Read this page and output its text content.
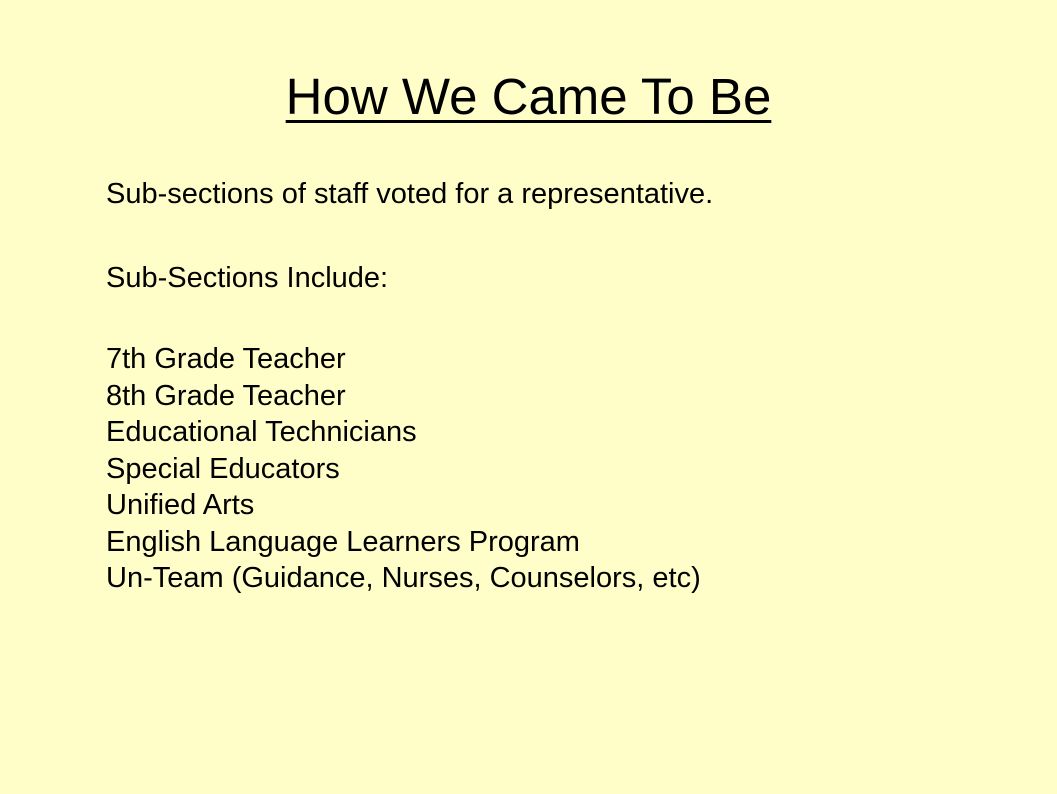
How We Came To Be
Sub-sections of staff voted for a representative.
Sub-Sections Include:
7th Grade Teacher
8th Grade Teacher
Educational Technicians
Special Educators
Unified Arts
English Language Learners Program
Un-Team (Guidance, Nurses, Counselors, etc)
